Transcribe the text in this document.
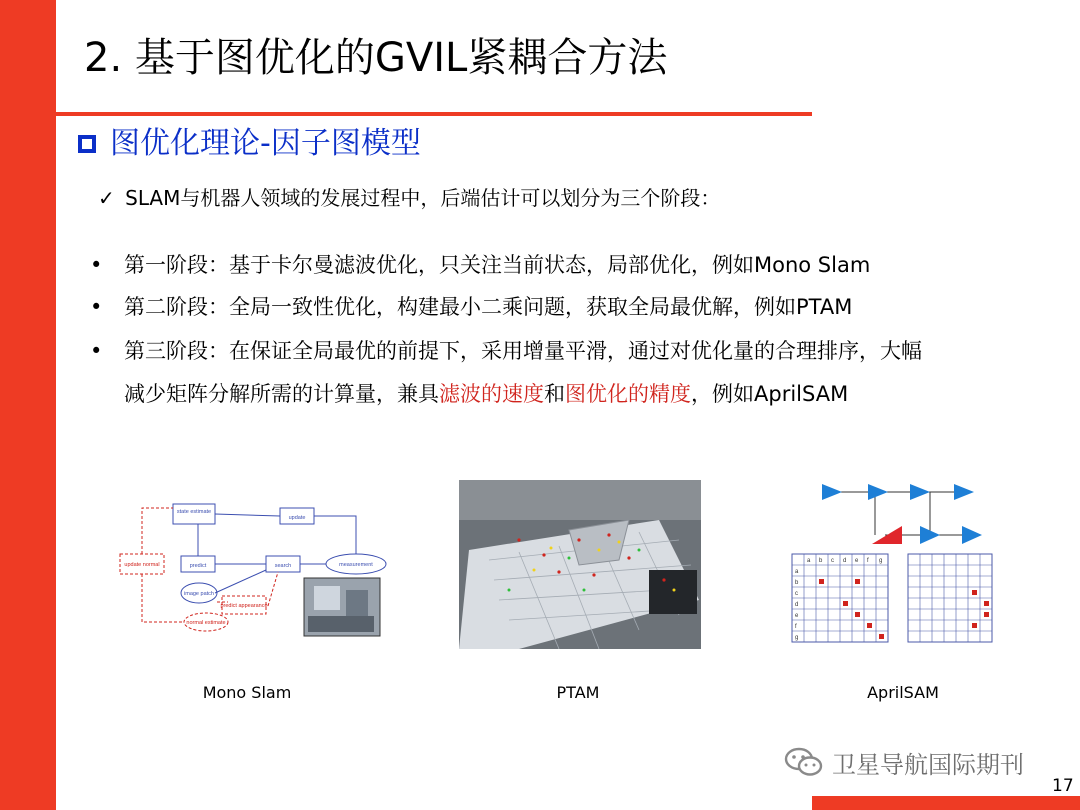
2. 基于图优化的GVIL紧耦合方法
图优化理论-因子图模型
✓ SLAM与机器人领域的发展过程中，后端估计可以划分为三个阶段：
• 第一阶段：基于卡尔曼滤波优化，只关注当前状态，局部优化，例如Mono Slam
• 第二阶段：全局一致性优化，构建最小二乘问题，获取全局最优解，例如PTAM
• 第三阶段：在保证全局最优的前提下，采用增量平滑，通过对优化量的合理排序，大幅
减少矩阵分解所需的计算量，兼具滤波的速度和图优化的精度，例如AprilSAM
state estimate
update
predict	search	measurement
image patch
predict appearance
normal estimate
update normal
a b c d e f g
a
b
c
d
e
f
g
Mono Slam	PTAM	AprilSAM
卫星导航国际期刊
17
